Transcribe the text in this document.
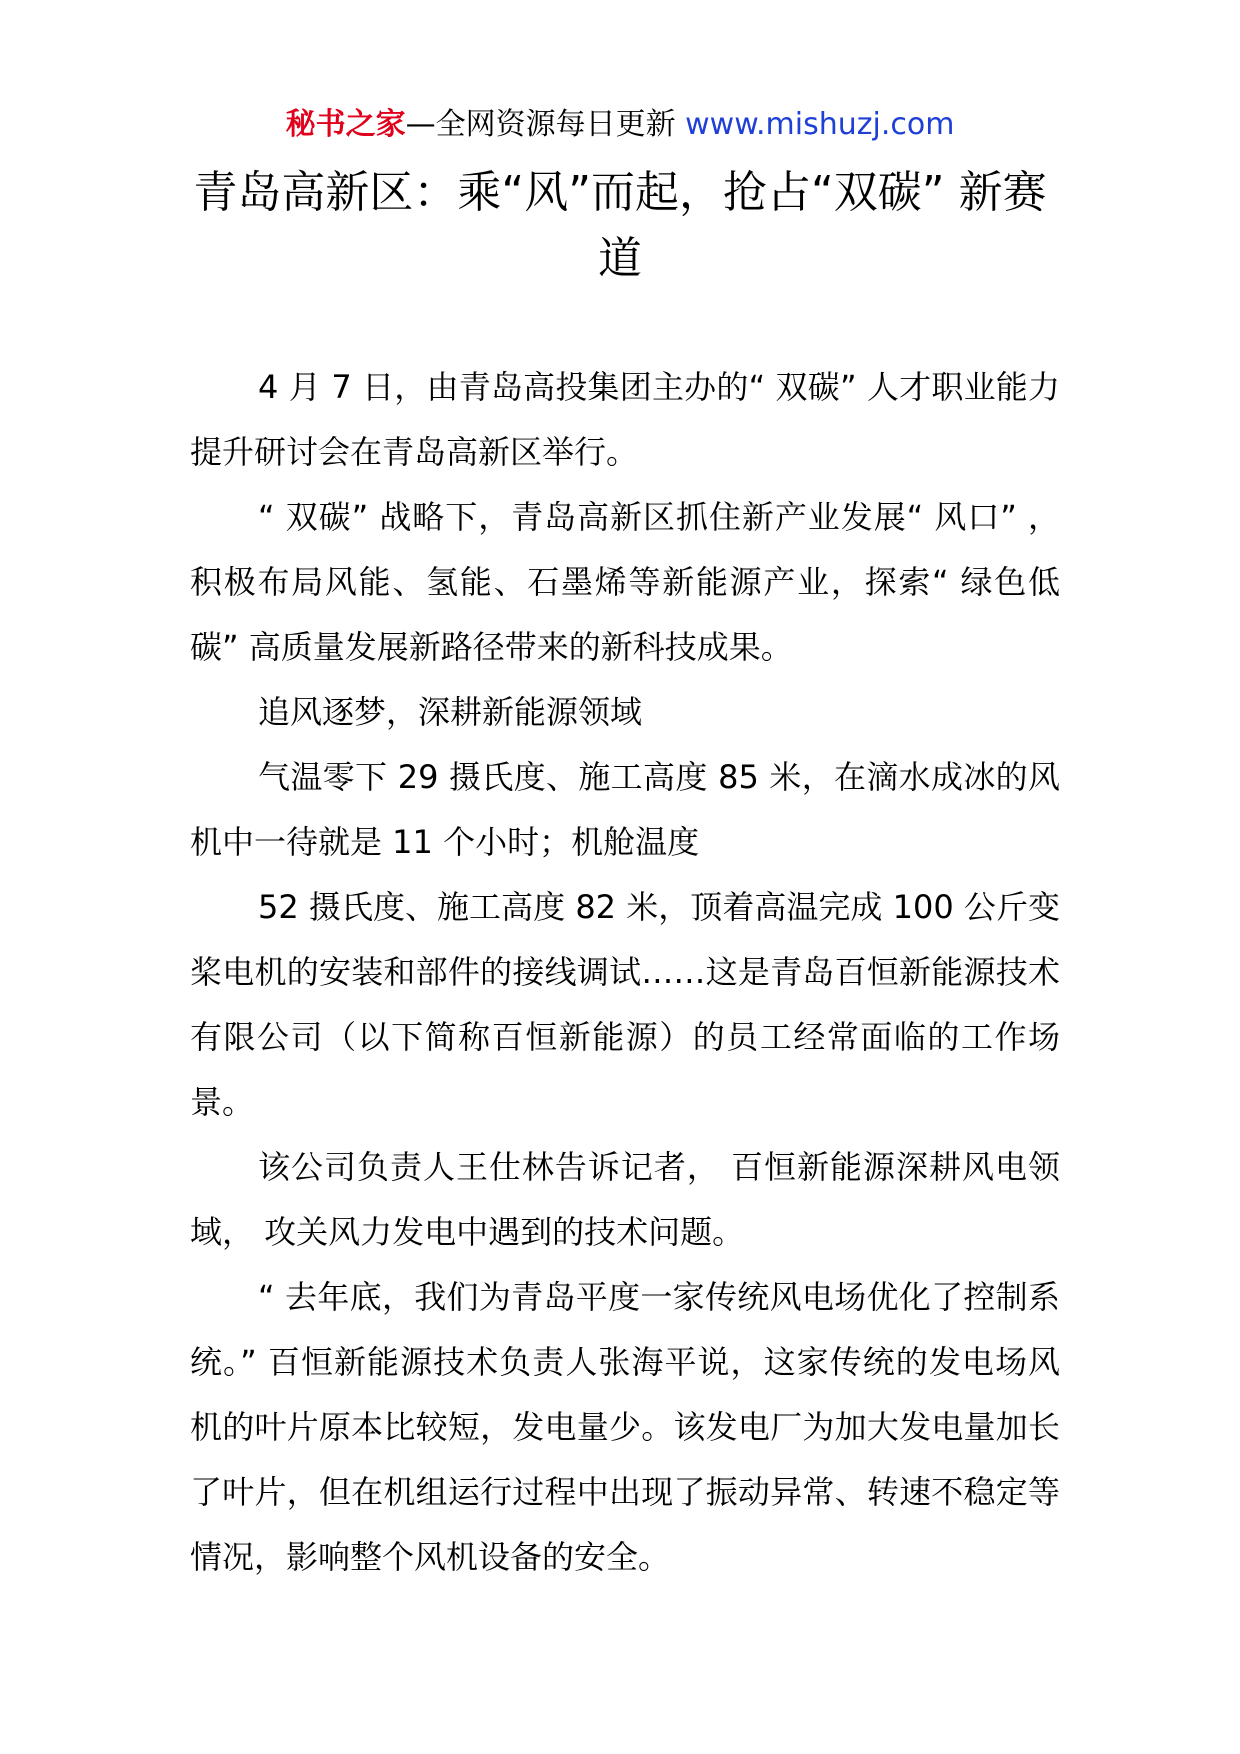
秘书之家—全网资源每日更新 www.mishuzj.com
青岛高新区：乘“风”而起，抢占“双碳” 新赛道

4 月 7 日，由青岛高投集团主办的“ 双碳” 人才职业能力提升研讨会在青岛高新区举行。

“ 双碳” 战略下，青岛高新区抓住新产业发展“ 风口” ，积极布局风能、氢能、石墨烯等新能源产业，探索“ 绿色低碳” 高质量发展新路径带来的新科技成果。

追风逐梦，深耕新能源领域

气温零下 29 摄氏度、施工高度 85 米，在滴水成冰的风机中一待就是 11 个小时；机舱温度

52 摄氏度、施工高度 82 米，顶着高温完成 100 公斤变桨电机的安装和部件的接线调试……这是青岛百恒新能源技术有限公司（以下简称百恒新能源）的员工经常面临的工作场景。

该公司负责人王仕林告诉记者， 百恒新能源深耕风电领域， 攻关风力发电中遇到的技术问题。

“ 去年底，我们为青岛平度一家传统风电场优化了控制系统。” 百恒新能源技术负责人张海平说，这家传统的发电场风机的叶片原本比较短，发电量少。该发电厂为加大发电量加长了叶片，但在机组运行过程中出现了振动异常、转速不稳定等情况，影响整个风机设备的安全。
